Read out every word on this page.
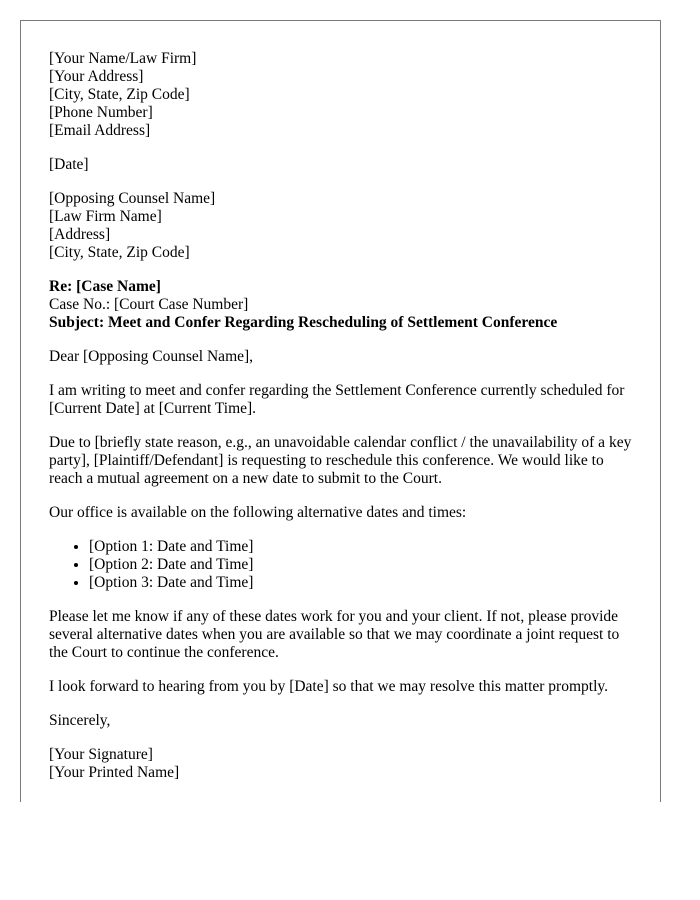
[Your Name/Law Firm]
[Your Address]
[City, State, Zip Code]
[Phone Number]
[Email Address]
[Date]
[Opposing Counsel Name]
[Law Firm Name]
[Address]
[City, State, Zip Code]
Re: [Case Name]
Case No.: [Court Case Number]
Subject: Meet and Confer Regarding Rescheduling of Settlement Conference

Dear [Opposing Counsel Name],

I am writing to meet and confer regarding the Settlement Conference currently scheduled for [Current Date] at [Current Time].

Due to [briefly state reason, e.g., an unavoidable calendar conflict / the unavailability of a key party], [Plaintiff/Defendant] is requesting to reschedule this conference. We would like to reach a mutual agreement on a new date to submit to the Court.

Our office is available on the following alternative dates and times:

• [Option 1: Date and Time]
• [Option 2: Date and Time]
• [Option 3: Date and Time]

Please let me know if any of these dates work for you and your client. If not, please provide several alternative dates when you are available so that we may coordinate a joint request to the Court to continue the conference.

I look forward to hearing from you by [Date] so that we may resolve this matter promptly.

Sincerely,

[Your Signature]
[Your Printed Name]
